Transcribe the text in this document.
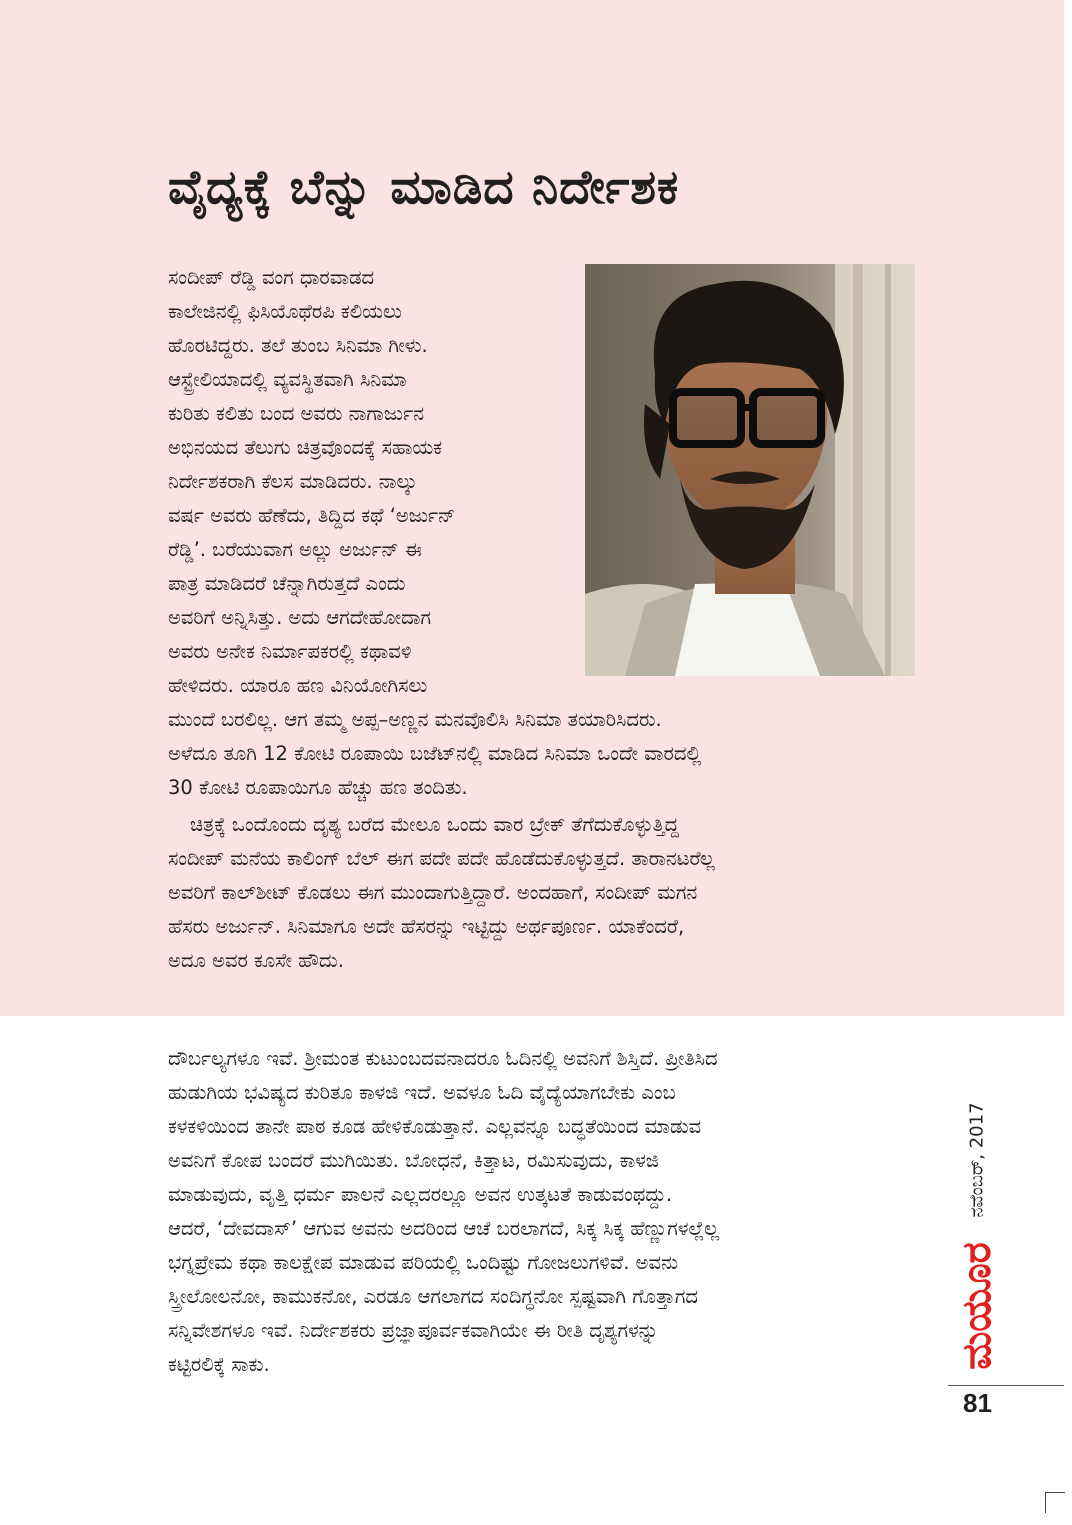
ವೈದ್ಯಕ್ಕೆ ಬೆನ್ನು ಮಾಡಿದ ನಿರ್ದೇಶಕ
ಸಂದೀಪ್ ರೆಡ್ಡಿ ವಂಗ ಧಾರವಾಡದ
ಕಾಲೇಜಿನಲ್ಲಿ ಫಿಸಿಯೊಥೆರಪಿ ಕಲಿಯಲು
ಹೊರಟಿದ್ದರು. ತಲೆ ತುಂಬ ಸಿನಿಮಾ ಗೀಳು.
ಆಸ್ಟ್ರೇಲಿಯಾದಲ್ಲಿ ವ್ಯವಸ್ಥಿತವಾಗಿ ಸಿನಿಮಾ
ಕುರಿತು ಕಲಿತು ಬಂದ ಅವರು ನಾಗಾರ್ಜುನ
ಅಭಿನಯದ ತೆಲುಗು ಚಿತ್ರವೊಂದಕ್ಕೆ ಸಹಾಯಕ
ನಿರ್ದೇಶಕರಾಗಿ ಕೆಲಸ ಮಾಡಿದರು. ನಾಲ್ಕು
ವರ್ಷ ಅವರು ಹೆಣೆದು, ತಿದ್ದಿದ ಕಥೆ ‘ಅರ್ಜುನ್
ರೆಡ್ಡಿ’. ಬರೆಯುವಾಗ ಅಲ್ಲು ಅರ್ಜುನ್ ಈ
ಪಾತ್ರ ಮಾಡಿದರೆ ಚೆನ್ನಾಗಿರುತ್ತದೆ ಎಂದು
ಅವರಿಗೆ ಅನ್ನಿಸಿತ್ತು. ಅದು ಆಗದೇಹೋದಾಗ
ಅವರು ಅನೇಕ ನಿರ್ಮಾಪಕರಲ್ಲಿ ಕಥಾವಳಿ
ಹೇಳಿದರು. ಯಾರೂ ಹಣ ವಿನಿಯೋಗಿಸಲು
ಮುಂದೆ ಬರಲಿಲ್ಲ. ಆಗ ತಮ್ಮ ಅಪ್ಪ–ಅಣ್ಣನ ಮನವೊಲಿಸಿ ಸಿನಿಮಾ ತಯಾರಿಸಿದರು.
ಅಳೆದೂ ತೂಗಿ 12 ಕೋಟಿ ರೂಪಾಯಿ ಬಜೆಟ್‌ನಲ್ಲಿ ಮಾಡಿದ ಸಿನಿಮಾ ಒಂದೇ ವಾರದಲ್ಲಿ
30 ಕೋಟಿ ರೂಪಾಯಿಗೂ ಹೆಚ್ಚು ಹಣ ತಂದಿತು.
ಚಿತ್ರಕ್ಕೆ ಒಂದೊಂದು ದೃಶ್ಯ ಬರೆದ ಮೇಲೂ ಒಂದು ವಾರ ಬ್ರೇಕ್ ತೆಗೆದುಕೊಳ್ಳುತ್ತಿದ್ದ
ಸಂದೀಪ್ ಮನೆಯ ಕಾಲಿಂಗ್ ಬೆಲ್ ಈಗ ಪದೇ ಪದೇ ಹೊಡೆದುಕೊಳ್ಳುತ್ತದೆ. ತಾರಾನಟರೆಲ್ಲ
ಅವರಿಗೆ ಕಾಲ್‌ಶೀಟ್ ಕೊಡಲು ಈಗ ಮುಂದಾಗುತ್ತಿದ್ದಾರೆ. ಅಂದಹಾಗೆ, ಸಂದೀಪ್ ಮಗನ
ಹೆಸರು ಅರ್ಜುನ್. ಸಿನಿಮಾಗೂ ಅದೇ ಹೆಸರನ್ನು ಇಟ್ಟಿದ್ದು ಅರ್ಥಪೂರ್ಣ. ಯಾಕೆಂದರೆ,
ಅದೂ ಅವರ ಕೂಸೇ ಹೌದು.
ದೌರ್ಬಲ್ಯಗಳೂ ಇವೆ. ಶ್ರೀಮಂತ ಕುಟುಂಬದವನಾದರೂ ಓದಿನಲ್ಲಿ ಅವನಿಗೆ ಶಿಸ್ತಿದೆ. ಪ್ರೀತಿಸಿದ
ಹುಡುಗಿಯ ಭವಿಷ್ಯದ ಕುರಿತೂ ಕಾಳಜಿ ಇದೆ. ಅವಳೂ ಓದಿ ವೈದ್ಯೆಯಾಗಬೇಕು ಎಂಬ
ಕಳಕಳಿಯಿಂದ ತಾನೇ ಪಾಠ ಕೂಡ ಹೇಳಿಕೊಡುತ್ತಾನೆ. ಎಲ್ಲವನ್ನೂ ಬದ್ಧತೆಯಿಂದ ಮಾಡುವ
ಅವನಿಗೆ ಕೋಪ ಬಂದರೆ ಮುಗಿಯಿತು. ಬೋಧನೆ, ಕಿತ್ತಾಟ, ರಮಿಸುವುದು, ಕಾಳಜಿ
ಮಾಡುವುದು, ವೃತ್ತಿ ಧರ್ಮ ಪಾಲನೆ ಎಲ್ಲದರಲ್ಲೂ ಅವನ ಉತ್ಕಟತೆ ಕಾಡುವಂಥದ್ದು.
ಆದರೆ, ‘ದೇವದಾಸ್’ ಆಗುವ ಅವನು ಅದರಿಂದ ಆಚೆ ಬರಲಾಗದೆ, ಸಿಕ್ಕ ಸಿಕ್ಕ ಹೆಣ್ಣುಗಳಲ್ಲೆಲ್ಲ
ಭಗ್ನಪ್ರೇಮ ಕಥಾ ಕಾಲಕ್ಷೇಪ ಮಾಡುವ ಪರಿಯಲ್ಲಿ ಒಂದಿಷ್ಟು ಗೋಜಲುಗಳಿವೆ. ಅವನು
ಸ್ತ್ರೀಲೋಲನೋ, ಕಾಮುಕನೋ, ಎರಡೂ ಆಗಲಾಗದ ಸಂದಿಗ್ಧನೋ ಸ್ಪಷ್ಟವಾಗಿ ಗೊತ್ತಾಗದ
ಸನ್ನಿವೇಶಗಳೂ ಇವೆ. ನಿರ್ದೇಶಕರು ಪ್ರಜ್ಞಾಪೂರ್ವಕವಾಗಿಯೇ ಈ ರೀತಿ ದೃಶ್ಯಗಳನ್ನು
ಕಟ್ಟಿರಲಿಕ್ಕೆ ಸಾಕು.
ನವೆಂಬರ್, 2017
ಮಯೂರ
81
